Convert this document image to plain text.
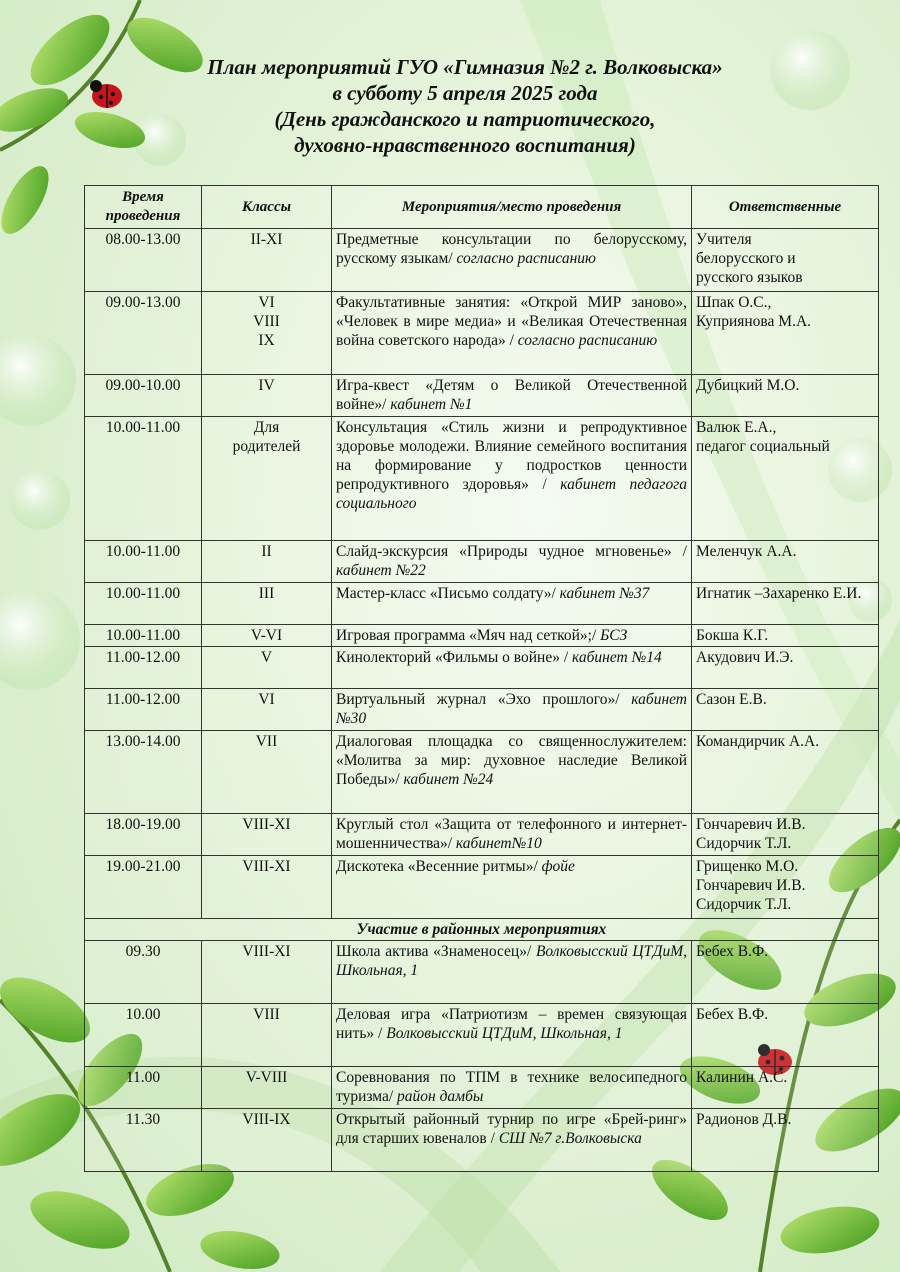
План мероприятий ГУО «Гимназия №2 г. Волковыска»
в субботу 5 апреля 2025 года
(День гражданского и патриотического,
духовно-нравственного воспитания)
Время
проведения	Классы	Мероприятия/место проведения	Ответственные
08.00-13.00	II-XI	Предметные консультации по белорусскому, русскому языкам/ согласно расписанию	Учителя
белорусского и
русского языков

09.00-13.00	VI
VIII
IX	Факультативные занятия: «Открой МИР заново», «Человек в мире медиа» и «Великая Отечественная война советского народа» / согласно расписанию	Шпак О.С.,
Куприянова М.А.

09.00-10.00	IV	Игра-квест «Детям о Великой Отечественной войне»/ кабинет №1	Дубицкий М.О.

10.00-11.00	Для
родителей	Консультация «Стиль жизни и репродуктивное здоровье молодежи. Влияние семейного воспитания на формирование у подростков ценности репродуктивного здоровья» / кабинет педагога социального	Валюк Е.А.,
педагог социальный

10.00-11.00	II	Слайд-экскурсия «Природы чудное мгновенье» / кабинет №22	Меленчук А.А.

10.00-11.00	III	Мастер-класс «Письмо солдату»/ кабинет №37	Игнатик –Захаренко Е.И.

10.00-11.00	V-VI	Игровая программа «Мяч над сеткой»;/ БСЗ	Бокша К.Г.

11.00-12.00	V	Кинолекторий «Фильмы о войне» / кабинет №14	Акудович И.Э.

11.00-12.00	VI	Виртуальный журнал «Эхо прошлого»/ кабинет №30	Сазон Е.В.

13.00-14.00	VII	Диалоговая площадка со священнослужителем: «Молитва за мир: духовное наследие Великой Победы»/ кабинет №24	Командирчик А.А.

18.00-19.00	VIII-XI	Круглый стол «Защита от телефонного и интернет-мошенничества»/ кабинет№10	Гончаревич И.В.
Сидорчик Т.Л.

19.00-21.00	VIII-XI	Дискотека «Весенние ритмы»/ фойе	Грищенко М.О.
Гончаревич И.В.
Сидорчик Т.Л.

Участие в районных мероприятиях			
09.30	VIII-XI	Школа актива «Знаменосец»/ Волковысский ЦТДиМ, Школьная, 1	Бебех В.Ф.

10.00	VIII	Деловая игра «Патриотизм – времен связующая нить» / Волковысский ЦТДиМ, Школьная, 1	Бебех В.Ф.

11.00	V-VIII	Соревнования по ТПМ в технике велосипедного туризма/ район дамбы	Калинин А.С.

11.30	VIII-IX	Открытый районный турнир по игре «Брей-ринг» для старших ювеналов / СШ №7 г.Волковыска	Радионов Д.В.
